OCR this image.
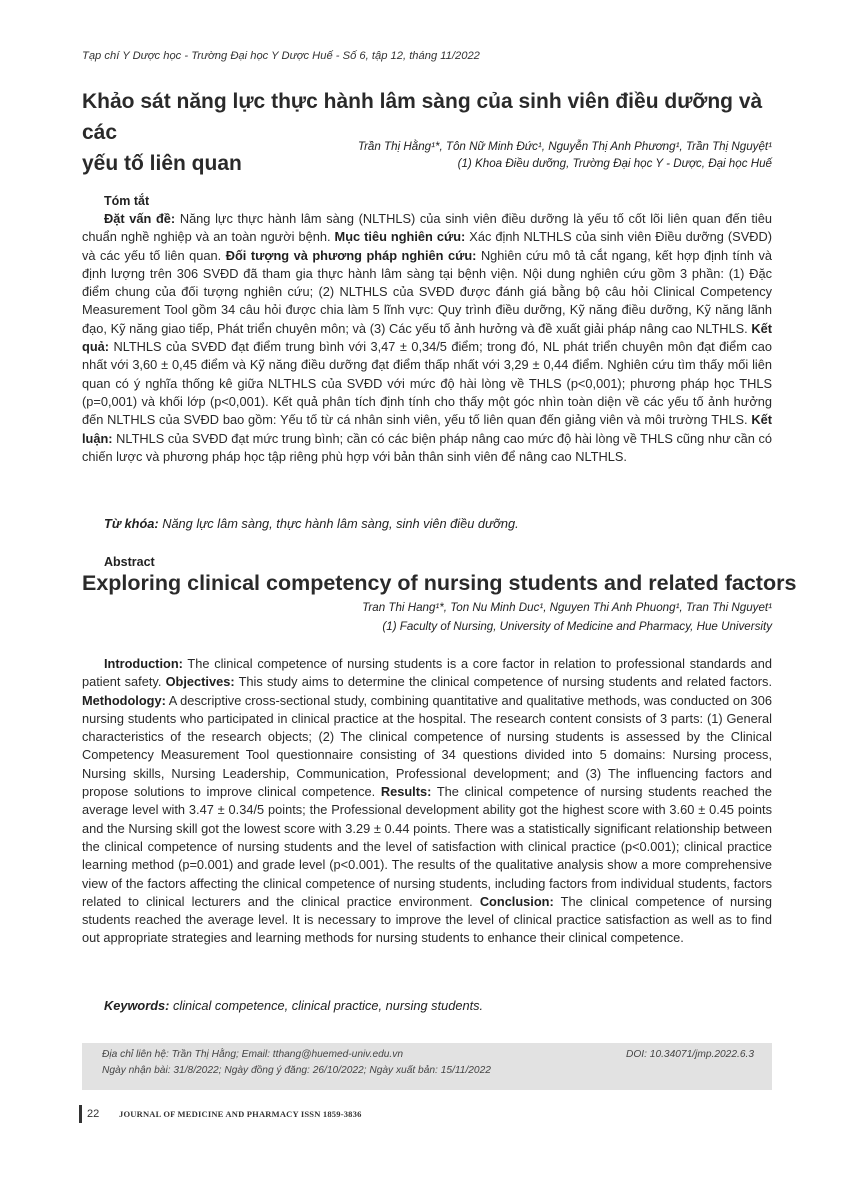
Tạp chí Y Dược học - Trường Đại học Y Dược Huế - Số 6, tập 12, tháng 11/2022
Khảo sát năng lực thực hành lâm sàng của sinh viên điều dưỡng và các
yếu tố liên quan
Trần Thị Hằng¹*, Tôn Nữ Minh Đức¹, Nguyễn Thị Anh Phương¹, Trần Thị Nguyệt¹
(1) Khoa Điều dưỡng, Trường Đại học Y - Dược, Đại học Huế
Tóm tắt
Đặt vấn đề: Năng lực thực hành lâm sàng (NLTHLS) của sinh viên điều dưỡng là yếu tố cốt lõi liên quan đến tiêu chuẩn nghề nghiệp và an toàn người bệnh. Mục tiêu nghiên cứu: Xác định NLTHLS của sinh viên Điều dưỡng (SVĐD) và các yếu tố liên quan. Đối tượng và phương pháp nghiên cứu: Nghiên cứu mô tả cắt ngang, kết hợp định tính và định lượng trên 306 SVĐD đã tham gia thực hành lâm sàng tại bệnh viện. Nội dung nghiên cứu gồm 3 phần: (1) Đặc điểm chung của đối tượng nghiên cứu; (2) NLTHLS của SVĐD được đánh giá bằng bộ câu hỏi Clinical Competency Measurement Tool gồm 34 câu hỏi được chia làm 5 lĩnh vực: Quy trình điều dưỡng, Kỹ năng điều dưỡng, Kỹ năng lãnh đạo, Kỹ năng giao tiếp, Phát triển chuyên môn; và (3) Các yếu tố ảnh hưởng và đề xuất giải pháp nâng cao NLTHLS. Kết quả: NLTHLS của SVĐD đạt điểm trung bình với 3,47 ± 0,34/5 điểm; trong đó, NL phát triển chuyên môn đạt điểm cao nhất với 3,60 ± 0,45 điểm và Kỹ năng điều dưỡng đạt điểm thấp nhất với 3,29 ± 0,44 điểm. Nghiên cứu tìm thấy mối liên quan có ý nghĩa thống kê giữa NLTHLS của SVĐD với mức độ hài lòng về THLS (p<0,001); phương pháp học THLS (p=0,001) và khối lớp (p<0,001). Kết quả phân tích định tính cho thấy một góc nhìn toàn diện về các yếu tố ảnh hưởng đến NLTHLS của SVĐD bao gồm: Yếu tố từ cá nhân sinh viên, yếu tố liên quan đến giảng viên và môi trường THLS. Kết luận: NLTHLS của SVĐD đạt mức trung bình; cần có các biện pháp nâng cao mức độ hài lòng về THLS cũng như cần có chiến lược và phương pháp học tập riêng phù hợp với bản thân sinh viên để nâng cao NLTHLS.
Từ khóa: Năng lực lâm sàng, thực hành lâm sàng, sinh viên điều dưỡng.
Abstract
Exploring clinical competency of nursing students and related factors
Tran Thi Hang¹*, Ton Nu Minh Duc¹, Nguyen Thi Anh Phuong¹, Tran Thi Nguyet¹
(1) Faculty of Nursing, University of Medicine and Pharmacy, Hue University
Introduction: The clinical competence of nursing students is a core factor in relation to professional standards and patient safety. Objectives: This study aims to determine the clinical competence of nursing students and related factors. Methodology: A descriptive cross-sectional study, combining quantitative and qualitative methods, was conducted on 306 nursing students who participated in clinical practice at the hospital. The research content consists of 3 parts: (1) General characteristics of the research objects; (2) The clinical competence of nursing students is assessed by the Clinical Competency Measurement Tool questionnaire consisting of 34 questions divided into 5 domains: Nursing process, Nursing skills, Nursing Leadership, Communication, Professional development; and (3) The influencing factors and propose solutions to improve clinical competence. Results: The clinical competence of nursing students reached the average level with 3.47 ± 0.34/5 points; the Professional development ability got the highest score with 3.60 ± 0.45 points and the Nursing skill got the lowest score with 3.29 ± 0.44 points. There was a statistically significant relationship between the clinical competence of nursing students and the level of satisfaction with clinical practice (p<0.001); clinical practice learning method (p=0.001) and grade level (p<0.001). The results of the qualitative analysis show a more comprehensive view of the factors affecting the clinical competence of nursing students, including factors from individual students, factors related to clinical lecturers and the clinical practice environment. Conclusion: The clinical competence of nursing students reached the average level. It is necessary to improve the level of clinical practice satisfaction as well as to find out appropriate strategies and learning methods for nursing students to enhance their clinical competence.
Keywords: clinical competence, clinical practice, nursing students.
Địa chỉ liên hệ: Trần Thị Hằng; Email: tthang@huemed-univ.edu.vn	DOI: 10.34071/jmp.2022.6.3
Ngày nhận bài: 31/8/2022; Ngày đồng ý đăng: 26/10/2022; Ngày xuất bản: 15/11/2022
22 JOURNAL OF MEDICINE AND PHARMACY ISSN 1859-3836
